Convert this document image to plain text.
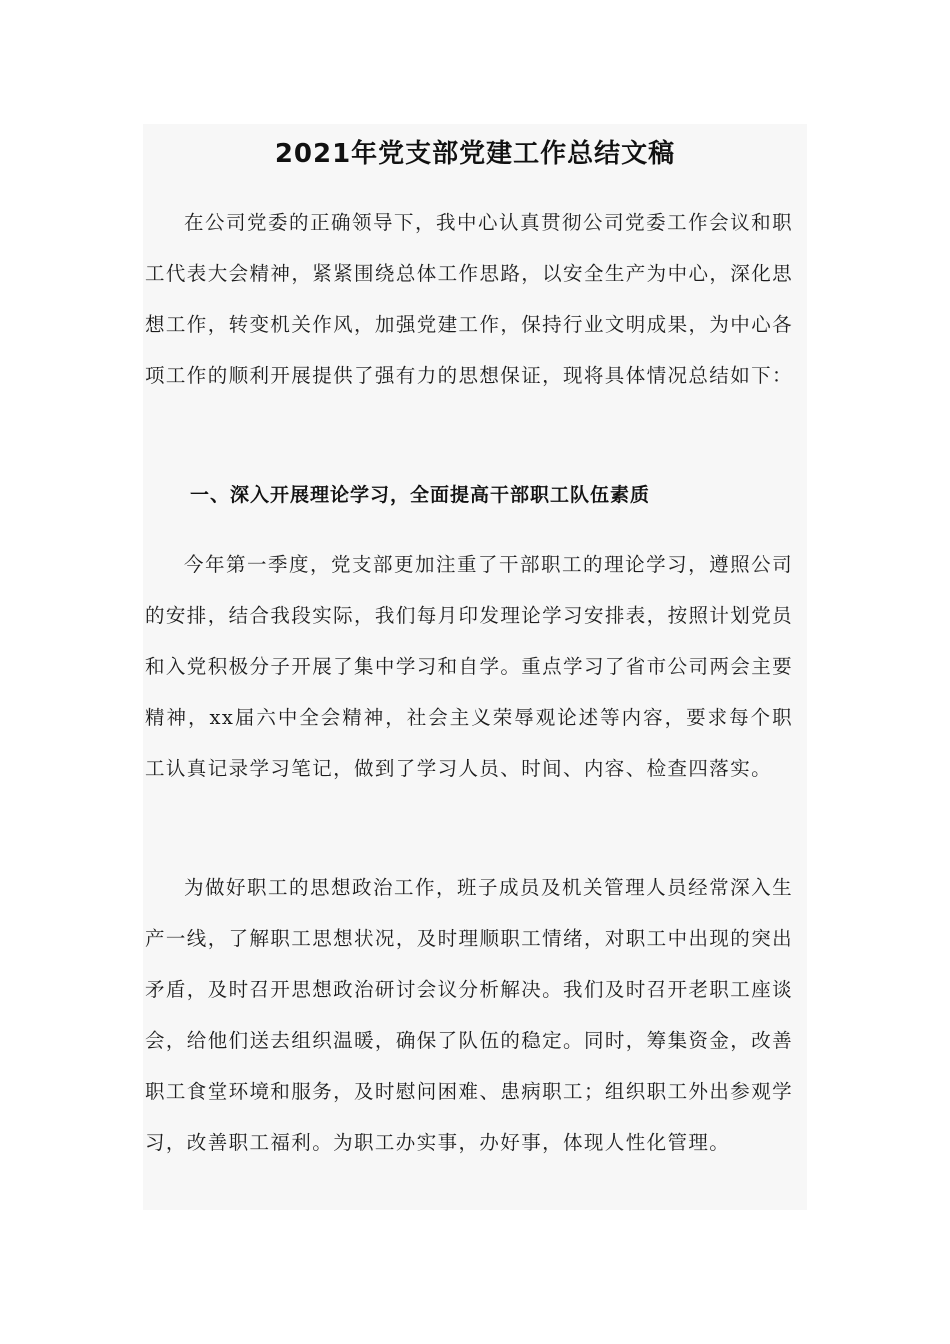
2021年党支部党建工作总结文稿

在公司党委的正确领导下，我中心认真贯彻公司党委工作会议和职工代表大会精神，紧紧围绕总体工作思路，以安全生产为中心，深化思想工作，转变机关作风，加强党建工作，保持行业文明成果，为中心各项工作的顺利开展提供了强有力的思想保证，现将具体情况总结如下：

一、深入开展理论学习，全面提高干部职工队伍素质

今年第一季度，党支部更加注重了干部职工的理论学习，遵照公司的安排，结合我段实际，我们每月印发理论学习安排表，按照计划党员和入党积极分子开展了集中学习和自学。重点学习了省市公司两会主要精神，xx届六中全会精神，社会主义荣辱观论述等内容，要求每个职工认真记录学习笔记，做到了学习人员、时间、内容、检查四落实。

为做好职工的思想政治工作，班子成员及机关管理人员经常深入生产一线，了解职工思想状况，及时理顺职工情绪，对职工中出现的突出矛盾，及时召开思想政治研讨会议分析解决。我们及时召开老职工座谈会，给他们送去组织温暖，确保了队伍的稳定。同时，筹集资金，改善职工食堂环境和服务，及时慰问困难、患病职工；组织职工外出参观学习，改善职工福利。为职工办实事，办好事，体现人性化管理。
